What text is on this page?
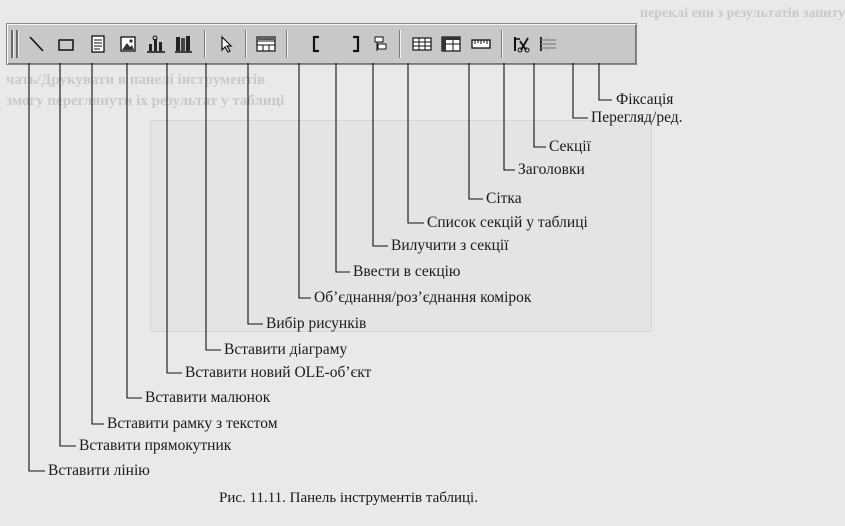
переклі енн з результатів запиту
чать/Друкувати в панелі інструментів
змогу переглянути іх результат у таблиці	Фіксація
Перегляд/ред.
Секції
Заголовки
Сітка
Список секцій у таблиці
Вилучити з секції
Ввести в секцію
Об’єднання/роз’єднання комірок
Вибір рисунків
Вставити діаграму
Вставити новий OLE-об’єкт
Вставити малюнок
Вставити рамку з текстом
Вставити прямокутник
Вставити лінію
Рис. 11.11. Панель інструментів таблиці.
